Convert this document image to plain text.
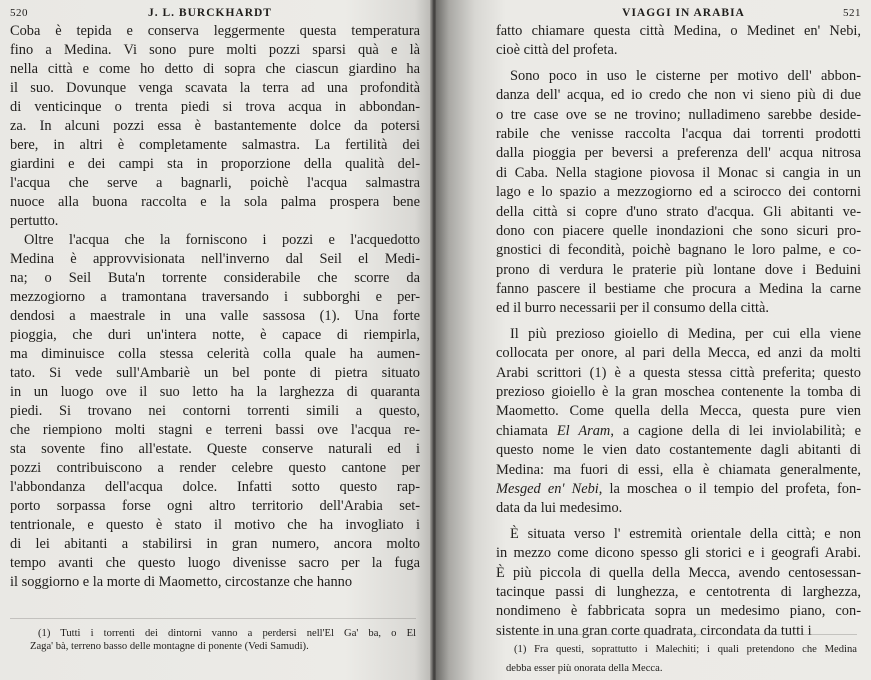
520	J. L. BURCKHARDT
Coba è tepida e conserva leggermente questa temperatura
fino a Medina. Vi sono pure molti pozzi sparsi quà e là
nella città e come ho detto di sopra che ciascun giardino ha
il suo. Dovunque venga scavata la terra ad una profondità
di venticinque o trenta piedi si trova acqua in abbondan-
za. In alcuni pozzi essa è bastantemente dolce da potersi
bere, in altri è completamente salmastra. La fertilità dei
giardini e dei campi sta in proporzione della qualità del-
l'acqua che serve a bagnarli, poichè l'acqua salmastra
nuoce alla buona raccolta e la sola palma prospera bene
pertutto.
Oltre l'acqua che la forniscono i pozzi e l'acquedotto
Medina è approvvisionata nell'inverno dal Seil el Medi-
na; o Seil Buta'n torrente considerabile che scorre da
mezzogiorno a tramontana traversando i subborghi e per-
dendosi a maestrale in una valle sassosa (1). Una forte
pioggia, che duri un'intera notte, è capace di riempirla,
ma diminuisce colla stessa celerità colla quale ha aumen-
tato. Si vede sull'Ambariè un bel ponte di pietra situato
in un luogo ove il suo letto ha la larghezza di quaranta
piedi. Si trovano nei contorni torrenti simili a questo,
che riempiono molti stagni e terreni bassi ove l'acqua re-
sta sovente fino all'estate. Queste conserve naturali ed i
pozzi contribuiscono a render celebre questo cantone per
l'abbondanza dell'acqua dolce. Infatti sotto questo rap-
porto sorpassa forse ogni altro territorio dell'Arabia set-
tentrionale, e questo è stato il motivo che ha invogliato i
di lei abitanti a stabilirsi in gran numero, ancora molto
tempo avanti che questo luogo divenisse sacro per la fuga
il soggiorno e la morte di Maometto, circostanze che hanno
(1) Tutti i torrenti dei dintorni vanno a perdersi nell'El Ga' ba, o El
Zaga' bà, terreno basso delle montagne di ponente (Vedi Samudi).
VIAGGI IN ARABIA	521
fatto chiamare questa città Medina, o Medinet en' Nebi,
cioè città del profeta.
Sono poco in uso le cisterne per motivo dell' abbon-
danza dell' acqua, ed io credo che non vi sieno più di due
o tre case ove se ne trovino; nulladimeno sarebbe deside-
rabile che venisse raccolta l'acqua dai torrenti prodotti
dalla pioggia per beversi a preferenza dell' acqua nitrosa
di Caba. Nella stagione piovosa il Monac si cangia in un
lago e lo spazio a mezzogiorno ed a scirocco dei contorni
della città si copre d'uno strato d'acqua. Gli abitanti ve-
dono con piacere quelle inondazioni che sono sicuri pro-
gnostici di fecondità, poichè bagnano le loro palme, e co-
prono di verdura le praterie più lontane dove i Beduini
fanno pascere il bestiame che procura a Medina la carne
ed il burro necessarii per il consumo della città.
Il più prezioso gioiello di Medina, per cui ella viene
collocata per onore, al pari della Mecca, ed anzi da molti
Arabi scrittori (1) è a questa stessa città preferita; questo
prezioso gioiello è la gran moschea contenente la tomba di
Maometto. Come quella della Mecca, questa pure vien
chiamata El Aram, a cagione della di lei inviolabilità; e
questo nome le vien dato costantemente dagli abitanti di
Medina: ma fuori di essi, ella è chiamata generalmente,
Mesged en' Nebi, la moschea o il tempio del profeta, fon-
data da lui medesimo.
È situata verso l' estremità orientale della città; e non
in mezzo come dicono spesso gli storici e i geografi Arabi.
È più piccola di quella della Mecca, avendo centosessan-
tacinque passi di lunghezza, e centotrenta di larghezza,
nondimeno è fabbricata sopra un medesimo piano, con-
sistente in una gran corte quadrata, circondata da tutti i
(1) Fra questi, soprattutto i Malechiti; i quali pretendono che Medina
debba esser più onorata della Mecca.
